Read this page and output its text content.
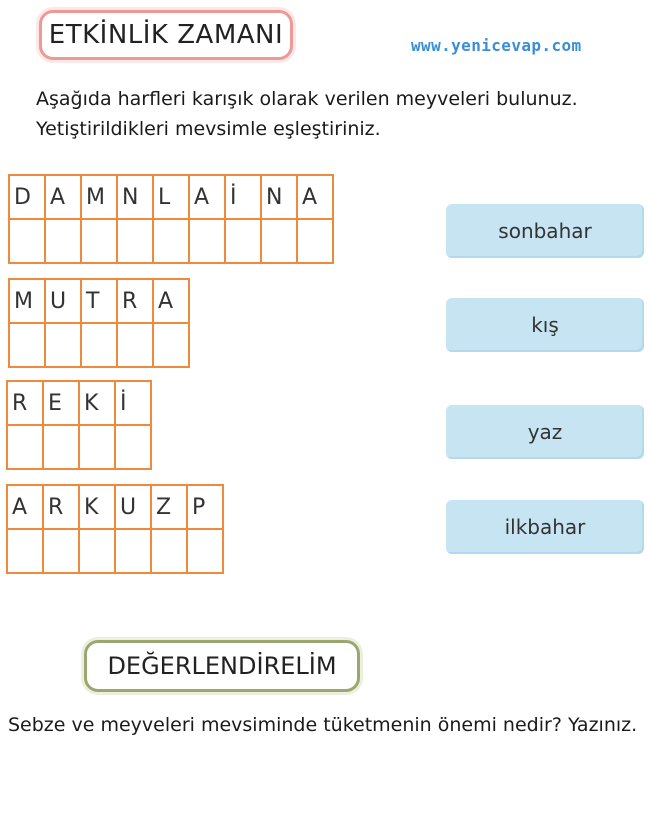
ETKİNLİK ZAMANI	www.yenicevap.com
Aşağıda harfleri karışık olarak verilen meyveleri bulunuz.
Yetiştirildikleri mevsimle eşleştiriniz.
D	A	M	N	L	A	İ	N	A

M	U	T	R	A

R	E	K	İ

A	R	K	U	Z	P

sonbahar
kış
yaz
ilkbahar
DEĞERLENDİRELİM
Sebze ve meyveleri mevsiminde tüketmenin önemi nedir? Yazınız.
